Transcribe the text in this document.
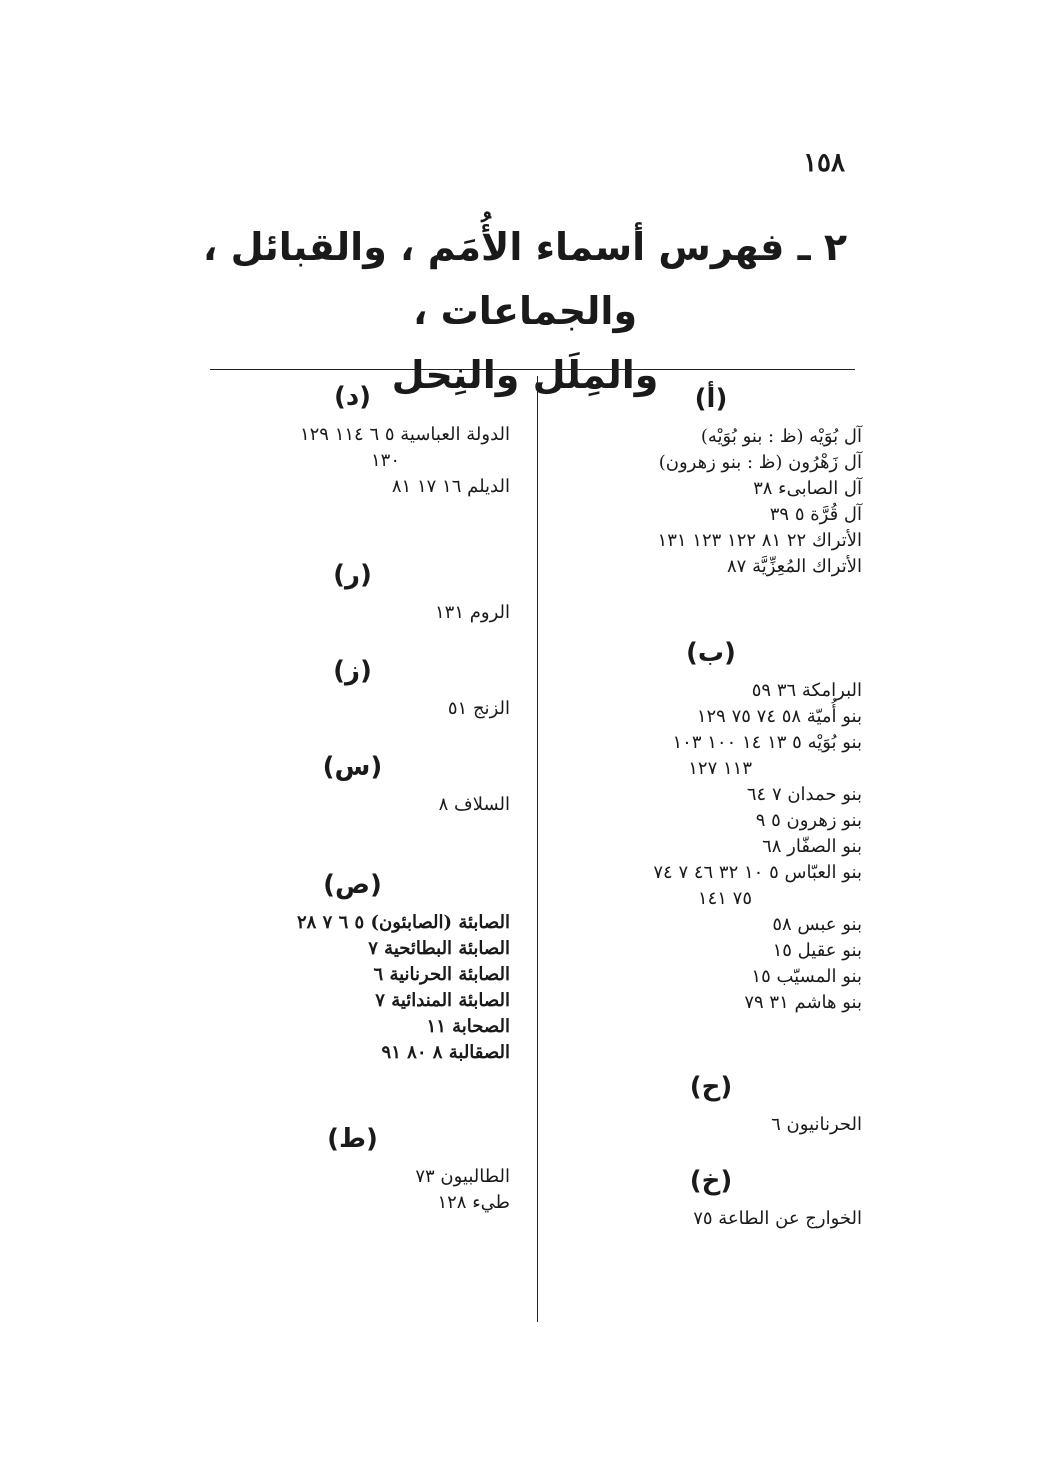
١٥٨
٢ ـ فهرس أسماء الأُمَم ، والقبائل ، والجماعات ،
والمِلَل والنِحل
(أ)
آل بُوَيْه (ظ : بنو بُوَيْه)
آل زَهْرُون (ظ : بنو زهرون)
آل الصابىء ٣٨
آل قُرَّة ٥ ٣٩
الأتراك ٢٢ ٨١ ١٢٢ ١٢٣ ١٣١
الأتراك المُعِزِّيَّة ٨٧
(ب)
البرامكة ٣٦ ٥٩
بنو أُميّة ٥٨ ٧٤ ٧٥ ١٢٩
بنو بُوَيْه ٥ ١٣ ١٤ ١٠٠ ١٠٣
١١٣ ١٢٧
بنو حمدان ٧ ٦٤
بنو زهرون ٥ ٩
بنو الصفّار ٦٨
بنو العبّاس ٥ ١٠ ٣٢ ٤٦ ٧ ٧٤
٧٥ ١٤١
بنو عبس ٥٨
بنو عقيل ١٥
بنو المسيّب ١٥
بنو هاشم ٣١ ٧٩
(ح)
الحرنانيون ٦
(خ)
الخوارج عن الطاعة ٧٥
(د)
الدولة العباسية ٥ ٦ ١١٤ ١٢٩
١٣٠
الديلم ١٦ ١٧ ٨١
(ر)
الروم ١٣١
(ز)
الزنج ٥١
(س)
السلاف ٨
(ص)
الصابئة (الصابئون) ٥ ٦ ٧ ٢٨
الصابئة البطائحية ٧
الصابئة الحرنانية ٦
الصابئة المندائية ٧
الصحابة ١١
الصقالبة ٨ ٨٠ ٩١
(ط)
الطالبيون ٧٣
طيء ١٢٨
